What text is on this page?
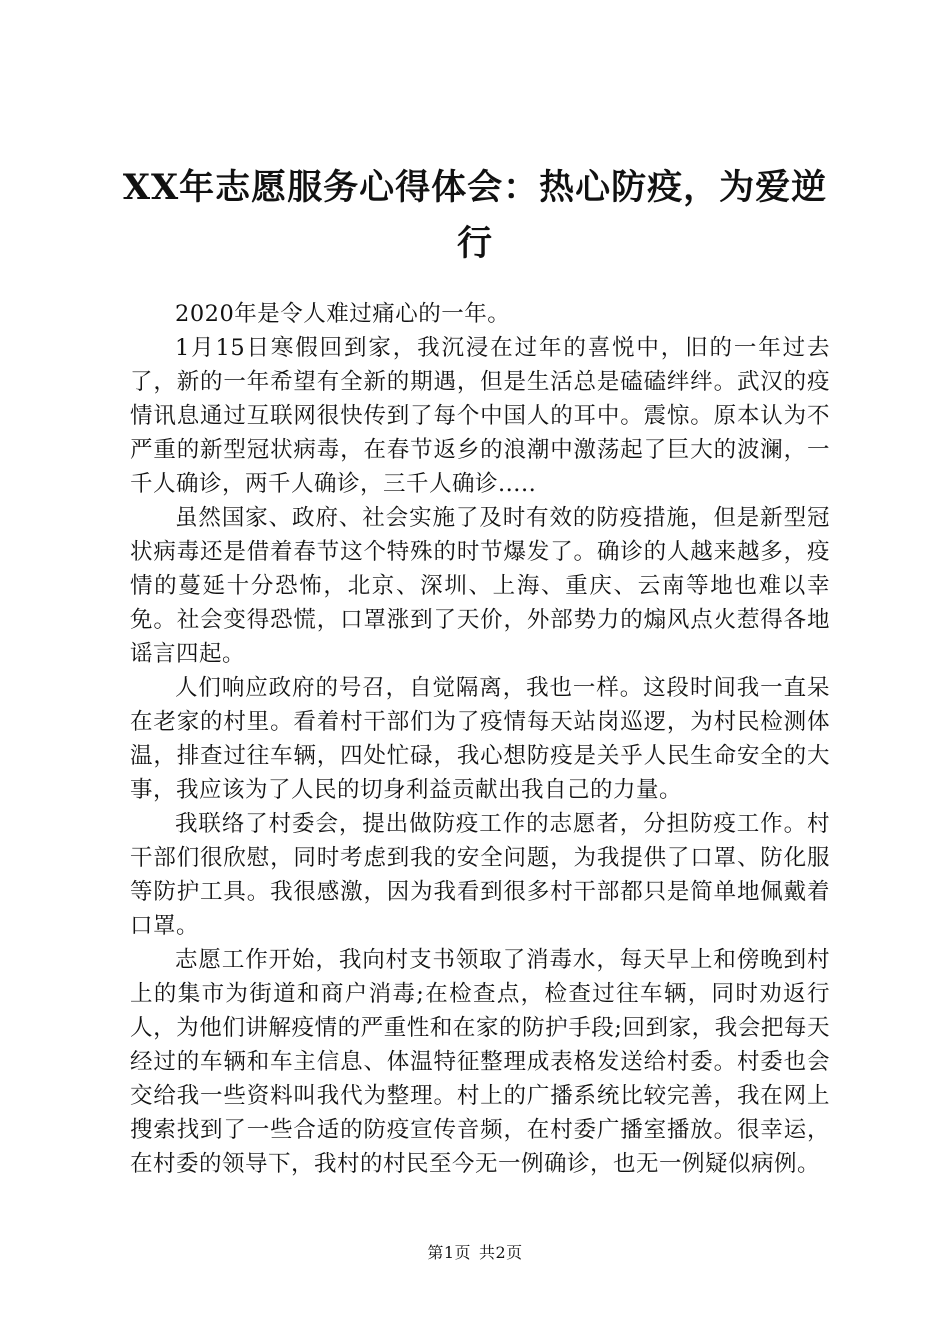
XX年志愿服务心得体会：热心防疫，为爱逆行

2020年是令人难过痛心的一年。

1月15日寒假回到家，我沉浸在过年的喜悦中，旧的一年过去了，新的一年希望有全新的期遇，但是生活总是磕磕绊绊。武汉的疫情讯息通过互联网很快传到了每个中国人的耳中。震惊。原本认为不严重的新型冠状病毒，在春节返乡的浪潮中激荡起了巨大的波澜，一千人确诊，两千人确诊，三千人确诊.....

虽然国家、政府、社会实施了及时有效的防疫措施，但是新型冠状病毒还是借着春节这个特殊的时节爆发了。确诊的人越来越多，疫情的蔓延十分恐怖，北京、深圳、上海、重庆、云南等地也难以幸免。社会变得恐慌，口罩涨到了天价，外部势力的煽风点火惹得各地谣言四起。

人们响应政府的号召，自觉隔离，我也一样。这段时间我一直呆在老家的村里。看着村干部们为了疫情每天站岗巡逻，为村民检测体温，排查过往车辆，四处忙碌，我心想防疫是关乎人民生命安全的大事，我应该为了人民的切身利益贡献出我自己的力量。

我联络了村委会，提出做防疫工作的志愿者，分担防疫工作。村干部们很欣慰，同时考虑到我的安全问题，为我提供了口罩、防化服等防护工具。我很感激，因为我看到很多村干部都只是简单地佩戴着口罩。

志愿工作开始，我向村支书领取了消毒水，每天早上和傍晚到村上的集市为街道和商户消毒;在检查点，检查过往车辆，同时劝返行人，为他们讲解疫情的严重性和在家的防护手段;回到家，我会把每天经过的车辆和车主信息、体温特征整理成表格发送给村委。村委也会交给我一些资料叫我代为整理。村上的广播系统比较完善，我在网上搜索找到了一些合适的防疫宣传音频，在村委广播室播放。很幸运，在村委的领导下，我村的村民至今无一例确诊，也无一例疑似病例。

第1页 共2页
